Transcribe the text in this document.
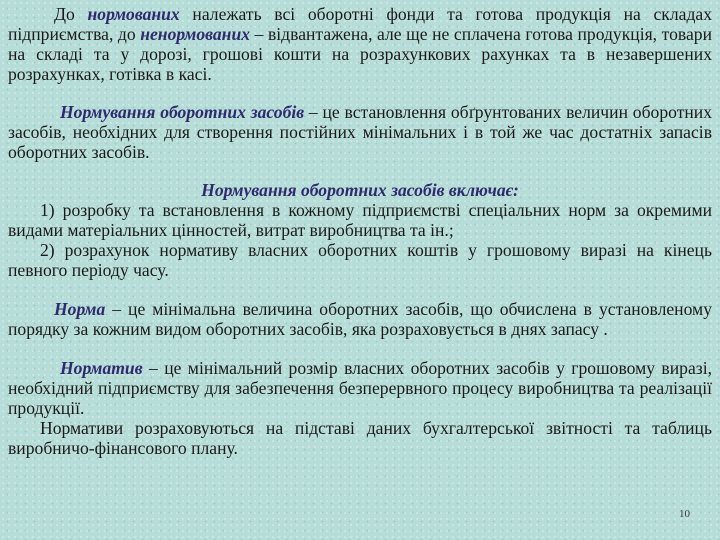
До нормованих належать всі оборотні фонди та готова продукція на складах підприємства, до ненормованих – відвантажена, але ще не сплачена готова продукція, товари на складі та у дорозі, грошові кошти на розрахункових рахунках та в незавершених розрахунках, готівка в касі.

Нормування оборотних засобів – це встановлення обґрунтованих величин оборотних засобів, необхідних для створення постійних мінімальних і в той же час достатніх запасів оборотних засобів.

Нормування оборотних засобів включає:

1) розробку та встановлення в кожному підприємстві спеціальних норм за окремими видами матеріальних цінностей, витрат виробництва та ін.;

2) розрахунок нормативу власних оборотних коштів у грошовому виразі на кінець певного періоду часу.

Норма – це мінімальна величина оборотних засобів, що обчислена в установленому порядку за кожним видом оборотних засобів, яка розраховується в днях запасу .

Норматив – це мінімальний розмір власних оборотних засобів у грошовому виразі, необхідний підприємству для забезпечення безперервного процесу виробництва та реалізації продукції.

Нормативи розраховуються на підставі даних бухгалтерської звітності та таблиць виробничо-фінансового плану.

10
